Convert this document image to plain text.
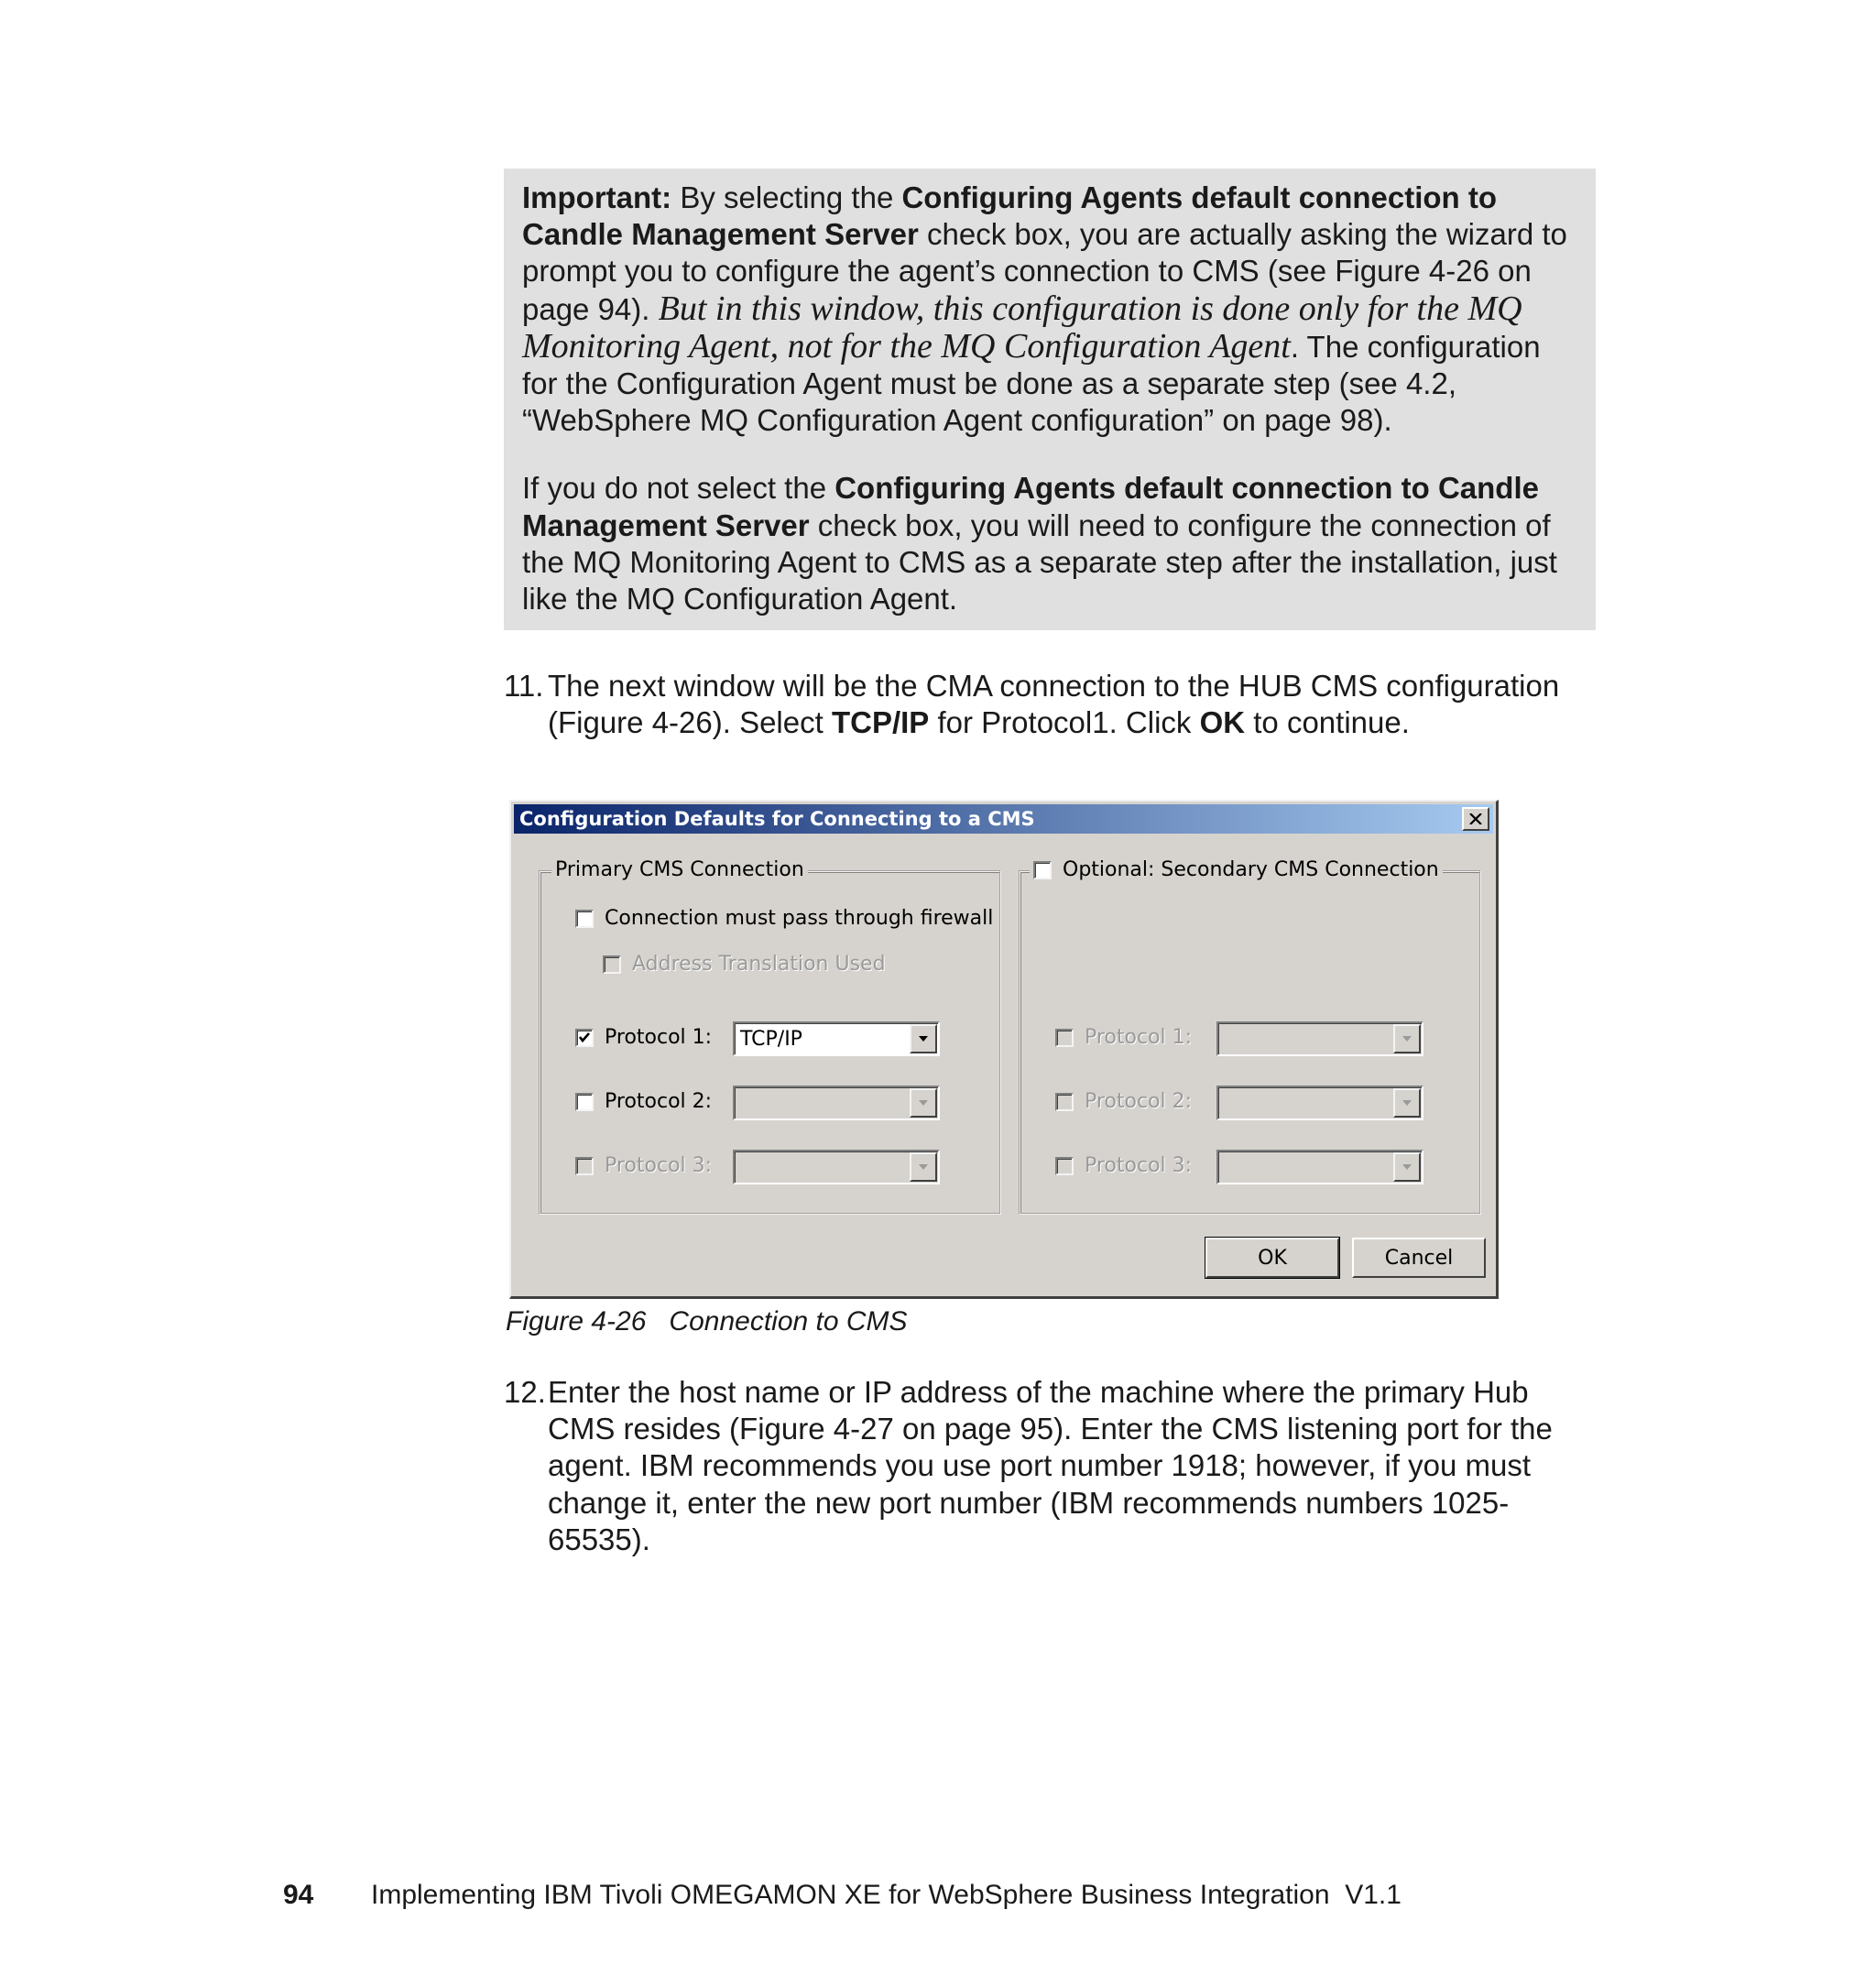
Important: By selecting the Configuring Agents default connection to Candle Management Server check box, you are actually asking the wizard to prompt you to configure the agent’s connection to CMS (see Figure 4-26 on page 94). But in this window, this configuration is done only for the MQ Monitoring Agent, not for the MQ Configuration Agent. The configuration for the Configuration Agent must be done as a separate step (see 4.2, “WebSphere MQ Configuration Agent configuration” on page 98).

If you do not select the Configuring Agents default connection to Candle Management Server check box, you will need to configure the connection of the MQ Monitoring Agent to CMS as a separate step after the installation, just like the MQ Configuration Agent.

11. The next window will be the CMA connection to the HUB CMS configuration (Figure 4-26). Select TCP/IP for Protocol1. Click OK to continue.
Configuration Defaults for Connecting to a CMS
Primary CMS Connection
Connection must pass through firewall
Address Translation Used
Protocol 1: TCP/IP
Protocol 2:
Protocol 3:
Optional: Secondary CMS Connection
Protocol 1:
Protocol 2:
Protocol 3:
OK	Cancel
Figure 4-26   Connection to CMS
12. Enter the host name or IP address of the machine where the primary Hub CMS resides (Figure 4-27 on page 95). Enter the CMS listening port for the agent. IBM recommends you use port number 1918; however, if you must change it, enter the new port number (IBM recommends numbers 1025-65535).
94 Implementing IBM Tivoli OMEGAMON XE for WebSphere Business Integration  V1.1
